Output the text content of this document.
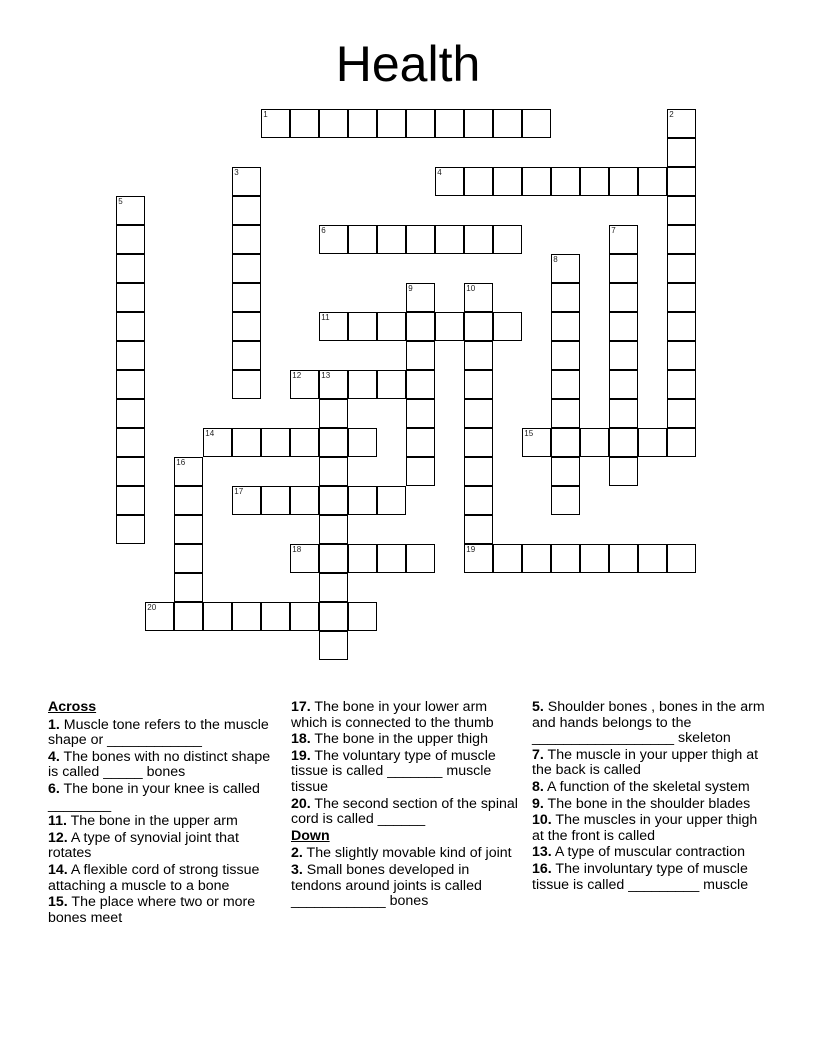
Health
1	2
3	4
5
6	7
8
9	10
19
11
12	13
14	15
16
17
18
20
Across
1. Muscle tone refers to the muscle shape or ____________
4. The bones with no distinct shape is called _____ bones
6. The bone in your knee is called ________
11. The bone in the upper arm
12. A type of synovial joint that rotates
14. A flexible cord of strong tissue attaching a muscle to a bone
15. The place where two or more bones meet
17. The bone in your lower arm which is connected to the thumb
18. The bone in the upper thigh
19. The voluntary type of muscle tissue is called _______ muscle tissue
20. The second section of the spinal cord is called ______
Down
2. The slightly movable kind of joint
3. Small bones developed in tendons around joints is called ____________ bones
5. Shoulder bones , bones in the arm and hands belongs to the __________________ skeleton
7. The muscle in your upper thigh at the back is called
8. A function of the skeletal system
9. The bone in the shoulder blades
10. The muscles in your upper thigh at the front is called
13. A type of muscular contraction
16. The involuntary type of muscle tissue is called _________ muscle
